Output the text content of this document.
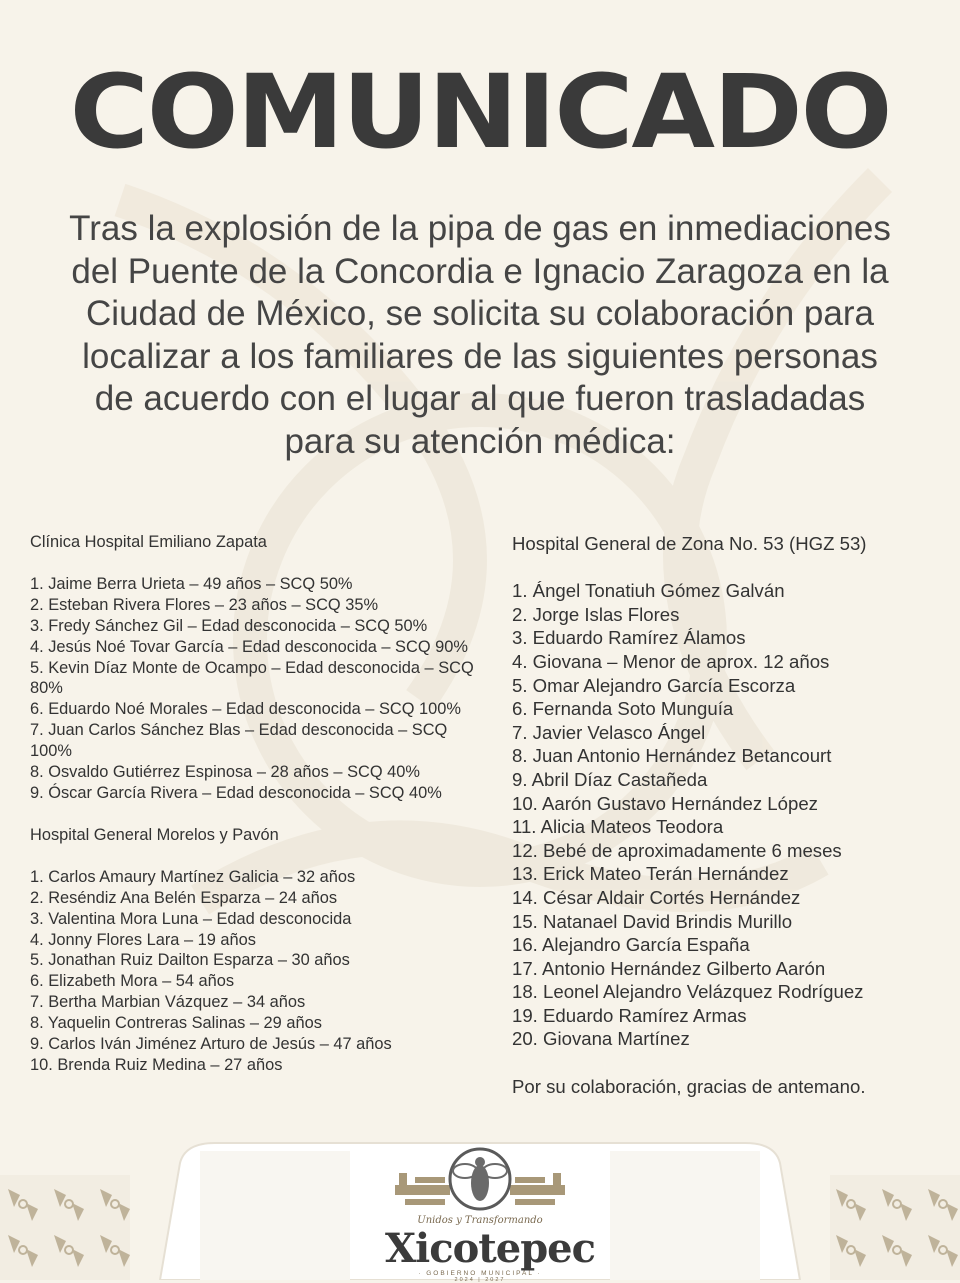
COMUNICADO
Tras la explosión de la pipa de gas en inmediaciones
del Puente de la Concordia e Ignacio Zaragoza en la
Ciudad de México, se solicita su colaboración para
localizar a los familiares de las siguientes personas
de acuerdo con el lugar al que fueron trasladadas
para su atención médica:

Clínica Hospital Emiliano Zapata

1. Jaime Berra Urieta – 49 años – SCQ 50%
2. Esteban Rivera Flores – 23 años – SCQ 35%
3. Fredy Sánchez Gil – Edad desconocida – SCQ 50%
4. Jesús Noé Tovar García – Edad desconocida – SCQ 90%
5. Kevin Díaz Monte de Ocampo – Edad desconocida – SCQ 80%
6. Eduardo Noé Morales – Edad desconocida – SCQ 100%
7. Juan Carlos Sánchez Blas – Edad desconocida – SCQ 100%
8. Osvaldo Gutiérrez Espinosa – 28 años – SCQ 40%
9. Óscar García Rivera – Edad desconocida – SCQ 40%

Hospital General Morelos y Pavón

1. Carlos Amaury Martínez Galicia – 32 años
2. Reséndiz Ana Belén Esparza – 24 años
3. Valentina Mora Luna – Edad desconocida
4. Jonny Flores Lara – 19 años
5. Jonathan Ruiz Dailton Esparza – 30 años
6. Elizabeth Mora – 54 años
7. Bertha Marbian Vázquez – 34 años
8. Yaquelin Contreras Salinas – 29 años
9. Carlos Iván Jiménez Arturo de Jesús – 47 años
10. Brenda Ruiz Medina – 27 años

Hospital General de Zona No. 53 (HGZ 53)

1. Ángel Tonatiuh Gómez Galván
2. Jorge Islas Flores
3. Eduardo Ramírez Álamos
4. Giovana – Menor de aprox. 12 años
5. Omar Alejandro García Escorza
6. Fernanda Soto Munguía
7. Javier Velasco Ángel
8. Juan Antonio Hernández Betancourt
9. Abril Díaz Castañeda
10. Aarón Gustavo Hernández López
11. Alicia Mateos Teodora
12. Bebé de aproximadamente 6 meses
13. Erick Mateo Terán Hernández
14. César Aldair Cortés Hernández
15. Natanael David Brindis Murillo
16. Alejandro García España
17. Antonio Hernández Gilberto Aarón
18. Leonel Alejandro Velázquez Rodríguez
19. Eduardo Ramírez Armas
20. Giovana Martínez

Por su colaboración, gracias de antemano.

Unidos y Transformando
Xicotepec
· GOBIERNO MUNICIPAL ·
2024 | 2027
